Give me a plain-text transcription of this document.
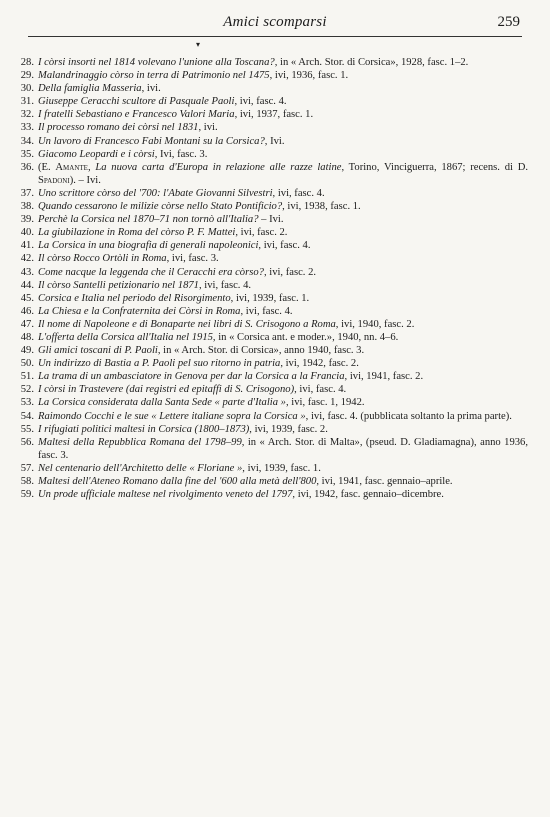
Amici scomparsi	259
▾
28. I còrsi insorti nel 1814 volevano l'unione alla Toscana?, in « Arch. Stor. di Corsica», 1928, fasc. 1–2.
29. Malandrinaggio còrso in terra di Patrimonio nel 1475, ivi, 1936, fasc. 1.
30. Della famiglia Masseria, ivi.
31. Giuseppe Ceracchi scultore di Pasquale Paoli, ivi, fasc. 4.
32. I fratelli Sebastiano e Francesco Valori Maria, ivi, 1937, fasc. 1.
33. Il processo romano dei còrsi nel 1831, ivi.
34. Un lavoro di Francesco Fabi Montani su la Corsica?, Ivi.
35. Giacomo Leopardi e i còrsi, Ivi, fasc. 3.
36. (E. Amante, La nuova carta d'Europa in relazione alle razze latine, Torino, Vinciguerra, 1867; recens. di D. Spadoni). – Ivi.
37. Uno scrittore còrso del '700: l'Abate Giovanni Silvestri, ivi, fasc. 4.
38. Quando cessarono le milizie còrse nello Stato Pontificio?, ivi, 1938, fasc. 1.
39. Perchè la Corsica nel 1870–71 non tornò all'Italia? – Ivi.
40. La giubilazione in Roma del còrso P. F. Mattei, ivi, fasc. 2.
41. La Corsica in una biografia di generali napoleonici, ivi, fasc. 4.
42. Il còrso Rocco Ortòli in Roma, ivi, fasc. 3.
43. Come nacque la leggenda che il Ceracchi era còrso?, ivi, fasc. 2.
44. Il còrso Santelli petizionario nel 1871, ivi, fasc. 4.
45. Corsica e Italia nel periodo del Risorgimento, ivi, 1939, fasc. 1.
46. La Chiesa e la Confraternita dei Còrsi in Roma, ivi, fasc. 4.
47. Il nome di Napoleone e di Bonaparte nei libri di S. Crisogono a Roma, ivi, 1940, fasc. 2.
48. L'offerta della Corsica all'Italia nel 1915, in « Corsica ant. e moder.», 1940, nn. 4–6.
49. Gli amici toscani di P. Paoli, in « Arch. Stor. di Corsica», anno 1940, fasc. 3.
50. Un indirizzo di Bastia a P. Paoli pel suo ritorno in patria, ivi, 1942, fasc. 2.
51. La trama di un ambasciatore in Genova per dar la Corsica a la Francia, ivi, 1941, fasc. 2.
52. I còrsi in Trastevere (dai registri ed epitaffi di S. Crisogono), ivi, fasc. 4.
53. La Corsica considerata dalla Santa Sede « parte d'Italia », ivi, fasc. 1, 1942.
54. Raimondo Cocchi e le sue « Lettere italiane sopra la Corsica », ivi, fasc. 4. (pubblicata soltanto la prima parte).
55. I rifugiati politici maltesi in Corsica (1800–1873), ivi, 1939, fasc. 2.
56. Maltesi della Repubblica Romana del 1798–99, in « Arch. Stor. di Malta», (pseud. D. Gladiamagna), anno 1936, fasc. 3.
57. Nel centenario dell'Architetto delle « Floriane », ivi, 1939, fasc. 1.
58. Maltesi dell'Ateneo Romano dalla fine del '600 alla metà dell'800, ivi, 1941, fasc. gennaio–aprile.
59. Un prode ufficiale maltese nel rivolgimento veneto del 1797, ivi, 1942, fasc. gennaio–dicembre.
